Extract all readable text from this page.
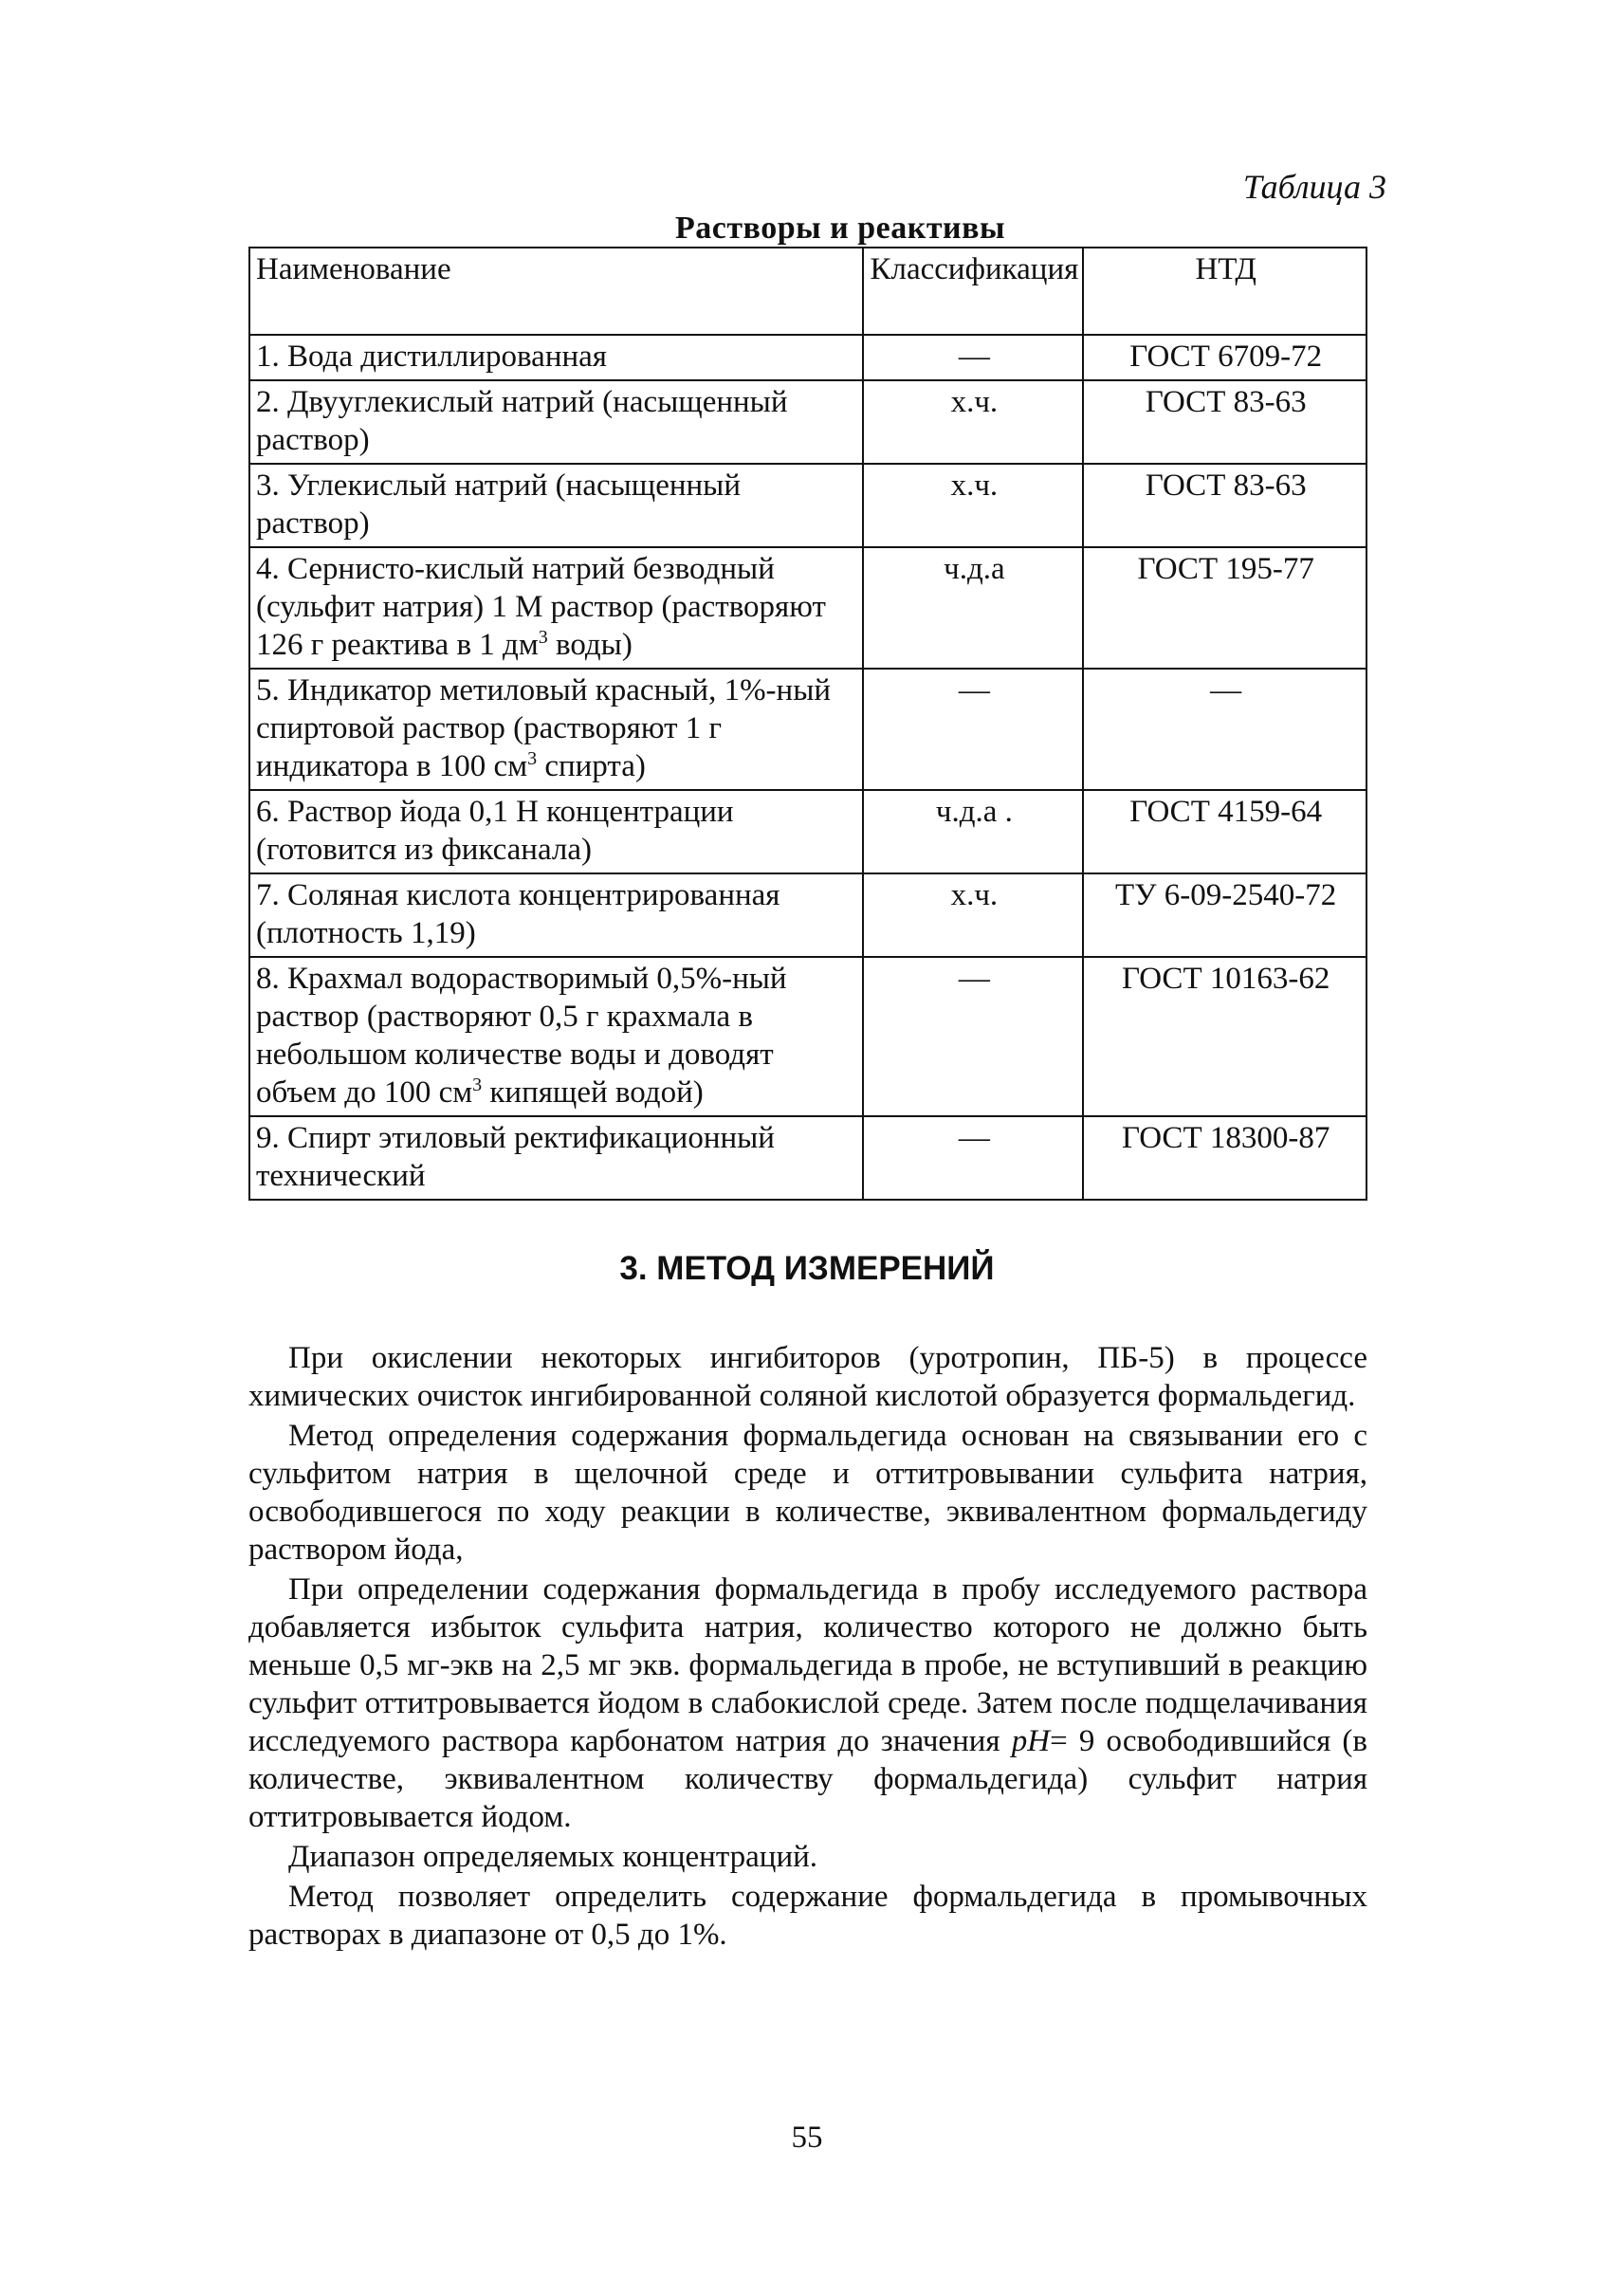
Таблица 3
Растворы и реактивы
Наименование	Классификация	НТД
1. Вода дистиллированная	—	ГОСТ 6709-72
2. Двууглекислый натрий (насыщенный раствор)	х.ч.	ГОСТ 83-63
3. Углекислый натрий (насыщенный раствор)	х.ч.	ГОСТ 83-63
4. Сернисто-кислый натрий безводный (сульфит натрия) 1 М раствор (растворяют 126 г реактива в 1 $дм^3$ воды)	ч.д.а	ГОСТ 195-77
5. Индикатор метиловый красный, 1%-ный спиртовой раствор (растворяют 1 г индикатора в 100 $см^3$ спирта)	—	—
6. Раствор йода 0,1 Н концентрации (готовится из фиксанала)	ч.д.а .	ГОСТ 4159-64
7. Соляная кислота концентрированная (плотность 1,19)	х.ч.	ТУ 6-09-2540-72
8. Крахмал водорастворимый 0,5%-ный раствор (растворяют 0,5 г крахмала в небольшом количестве воды и доводят объем до 100 $см^3$ кипящей водой)	—	ГОСТ 10163-62
9. Спирт этиловый ректификационный технический	—	ГОСТ 18300-87
3. МЕТОД ИЗМЕРЕНИЙ

При окислении некоторых ингибиторов (уротропин, ПБ-5) в процессе химических очисток ингибированной соляной кислотой образуется формальдегид.

Метод определения содержания формальдегида основан на связывании его с сульфитом натрия в щелочной среде и оттитровывании сульфита натрия, освободившегося по ходу реакции в количестве, эквивалентном формальдегиду раствором йода,

При определении содержания формальдегида в пробу исследуемого раствора добавляется избыток сульфита натрия, количество которого не должно быть меньше 0,5 мг-экв на 2,5 мг экв. формальдегида в пробе, не вступивший в реакцию сульфит оттитровывается йодом в слабокислой среде. Затем после подщелачивания исследуемого раствора карбонатом натрия до значения pH= 9 освободившийся (в количестве, эквивалентном количеству формальдегида) сульфит натрия оттитровывается йодом.

Диапазон определяемых концентраций.

Метод позволяет определить содержание формальдегида в промывочных растворах в диапазоне от 0,5 до 1%.

55
